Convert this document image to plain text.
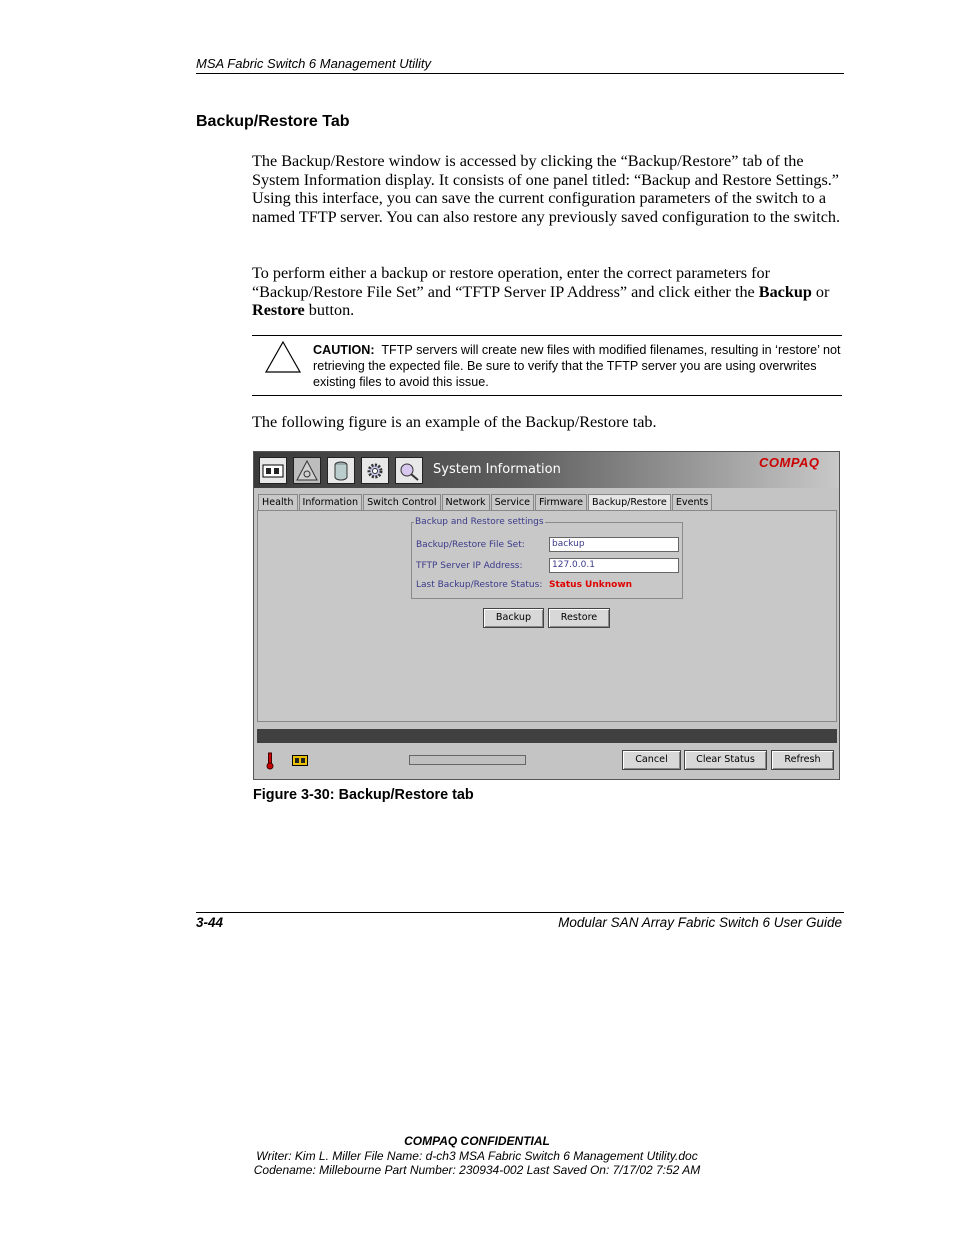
MSA Fabric Switch 6 Management Utility
Backup/Restore Tab
The Backup/Restore window is accessed by clicking the “Backup/Restore” tab of the System Information display. It consists of one panel titled: “Backup and Restore Settings.” Using this interface, you can save the current configuration parameters of the switch to a named TFTP server. You can also restore any previously saved configuration to the switch.
To perform either a backup or restore operation, enter the correct parameters for “Backup/Restore File Set” and “TFTP Server IP Address” and click either the Backup or Restore button.
CAUTION: TFTP servers will create new files with modified filenames, resulting in ‘restore’ not retrieving the expected file. Be sure to verify that the TFTP server you are using overwrites existing files to avoid this issue.
The following figure is an example of the Backup/Restore tab.
System Information	COMPAQ
Health Information Switch Control Network Service Firmware Backup/Restore Events
Backup and Restore settings
Backup/Restore File Set:	backup
TFTP Server IP Address:	127.0.0.1
Last Backup/Restore Status: Status Unknown
Backup	Restore
Cancel	Clear Status	Refresh
Figure 3-30: Backup/Restore tab
3-44	Modular SAN Array Fabric Switch 6 User Guide
COMPAQ CONFIDENTIAL
Writer: Kim L. Miller File Name: d-ch3 MSA Fabric Switch 6 Management Utility.doc
Codename: Millebourne Part Number: 230934-002 Last Saved On: 7/17/02 7:52 AM
